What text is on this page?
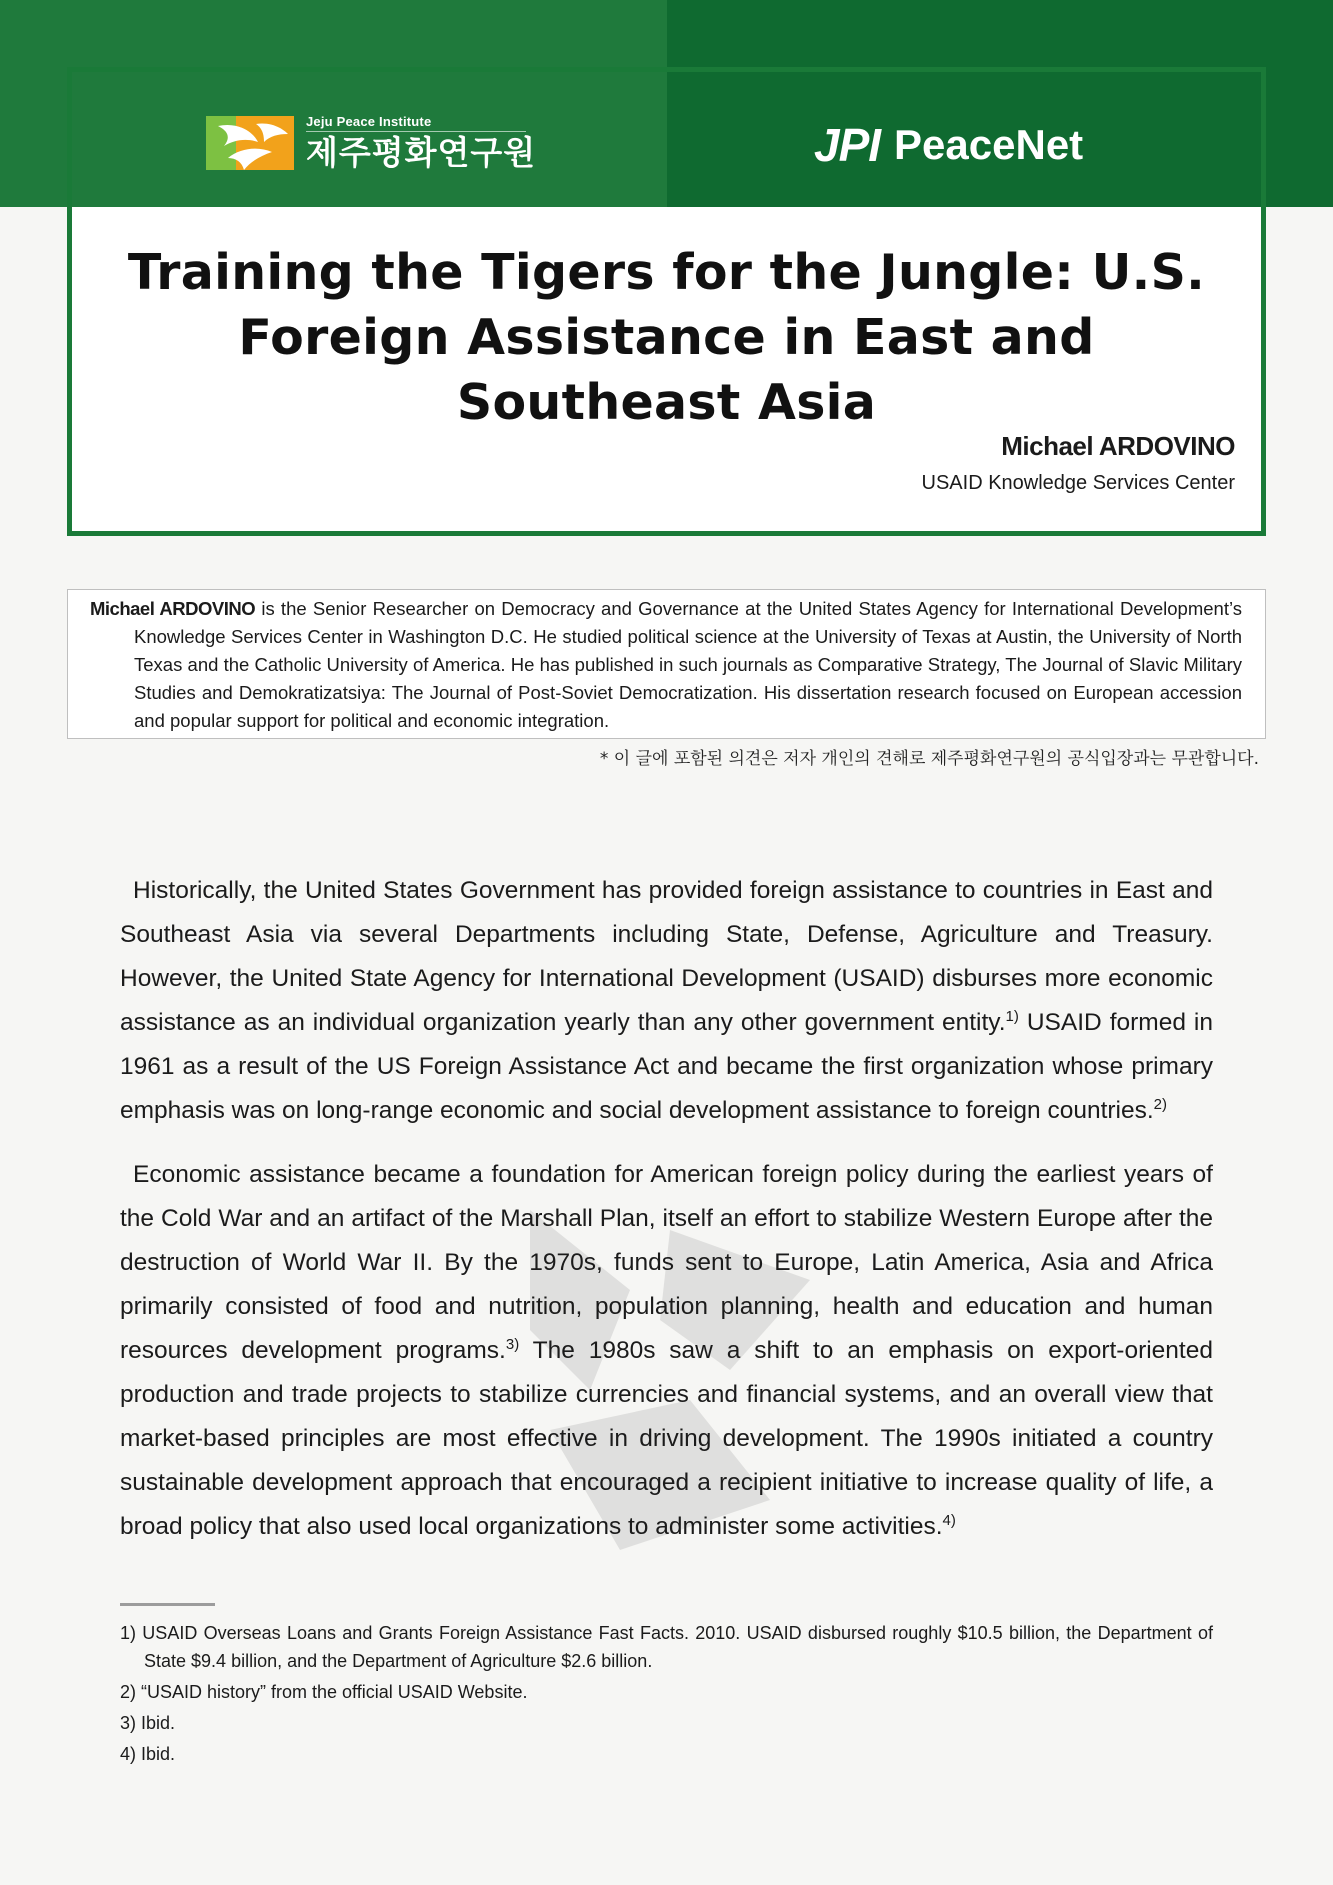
Jeju Peace Institute
제주평화연구원	JPI PeaceNet
Training the Tigers for the Jungle: U.S. Foreign Assistance in East and Southeast Asia
Michael ARDOVINO
USAID Knowledge Services Center
Michael ARDOVINO is the Senior Researcher on Democracy and Governance at the United States Agency for International Development’s Knowledge Services Center in Washington D.C. He studied political science at the University of Texas at Austin, the University of North Texas and the Catholic University of America. He has published in such journals as Comparative Strategy, The Journal of Slavic Military Studies and Demokratizatsiya: The Journal of Post-Soviet Democratization. His dissertation research focused on European accession and popular support for political and economic integration.
* 이 글에 포함된 의견은 저자 개인의 견해로 제주평화연구원의 공식입장과는 무관합니다.

Historically, the United States Government has provided foreign assistance to countries in East and Southeast Asia via several Departments including State, Defense, Agriculture and Treasury. However, the United State Agency for International Development (USAID) disburses more economic assistance as an individual organization yearly than any other government entity.$^{1)}$ USAID formed in 1961 as a result of the US Foreign Assistance Act and became the first organization whose primary emphasis was on long-range economic and social development assistance to foreign countries.$^{2)}$

Economic assistance became a foundation for American foreign policy during the earliest years of the Cold War and an artifact of the Marshall Plan, itself an effort to stabilize Western Europe after the destruction of World War II. By the 1970s, funds sent to Europe, Latin America, Asia and Africa primarily consisted of food and nutrition, population planning, health and education and human resources development programs.$^{3)}$ The 1980s saw a shift to an emphasis on export-oriented production and trade projects to stabilize currencies and financial systems, and an overall view that market-based principles are most effective in driving development. The 1990s initiated a country sustainable development approach that encouraged a recipient initiative to increase quality of life, a broad policy that also used local organizations to administer some activities.$^{4)}$

1) USAID Overseas Loans and Grants Foreign Assistance Fast Facts. 2010. USAID disbursed roughly $10.5 billion, the Department of State $9.4 billion, and the Department of Agriculture $2.6 billion.
2) “USAID history” from the official USAID Website.
3) Ibid.
4) Ibid.
